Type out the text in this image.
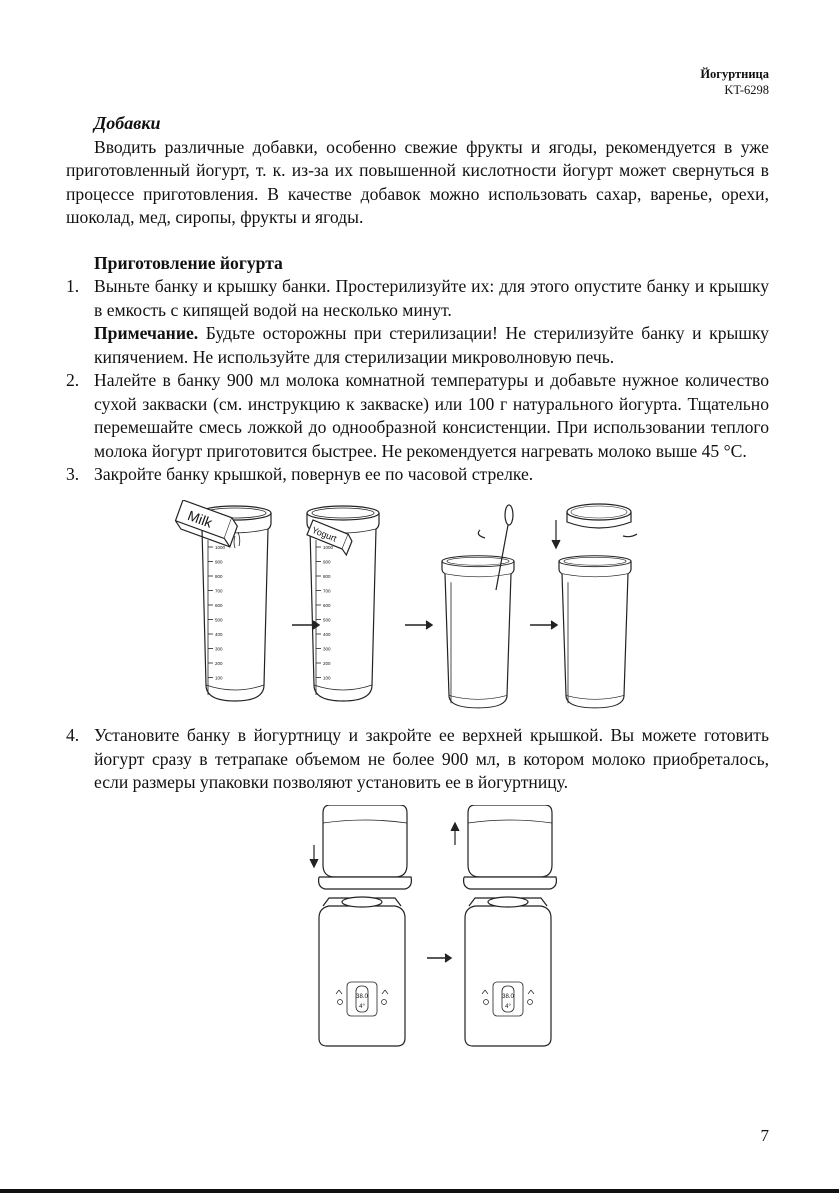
Йогуртница
KT-6298
Добавки

Вводить различные добавки, особенно свежие фрукты и ягоды, рекомендуется в уже приготовленный йогурт, т. к. из-за их повышенной кислотности йогурт может свернуться в процессе приготовления. В качестве добавок можно использовать сахар, варенье, орехи, шоколад, мед, сиропы, фрукты и ягоды.

Приготовление йогурта
1. Выньте банку и крышку банки. Простерилизуйте их: для этого опустите банку и крышку в емкость с кипящей водой на несколько минут.
Примечание. Будьте осторожны при стерилизации! Не стерилизуйте банку и крышку кипячением. Не используйте для стерилизации микроволновую печь.
2. Налейте в банку 900 мл молока комнатной температуры и добавьте нужное количество сухой закваски (см. инструкцию к закваске) или 100 г натурального йогурта. Тщательно перемешайте смесь ложкой до однообразной консистенции. При использовании теплого молока йогурт приготовится быстрее. Не рекомендуется нагревать молоко выше 45 °C.
3. Закройте банку крышкой, повернув ее по часовой стрелке.
1000
900
800
700
600
500
400
300
200
100
Milk
1000
900
800
700
600
500
400
300
200
100
Yogurt
4. Установите банку в йогуртницу и закройте ее верхней крышкой. Вы можете готовить йогурт сразу в тетрапаке объемом не более 900 мл, в котором молоко приобреталось, если размеры упаковки позволяют установить ее в йогуртницу.
38.0
4°
38.0
4°
7
